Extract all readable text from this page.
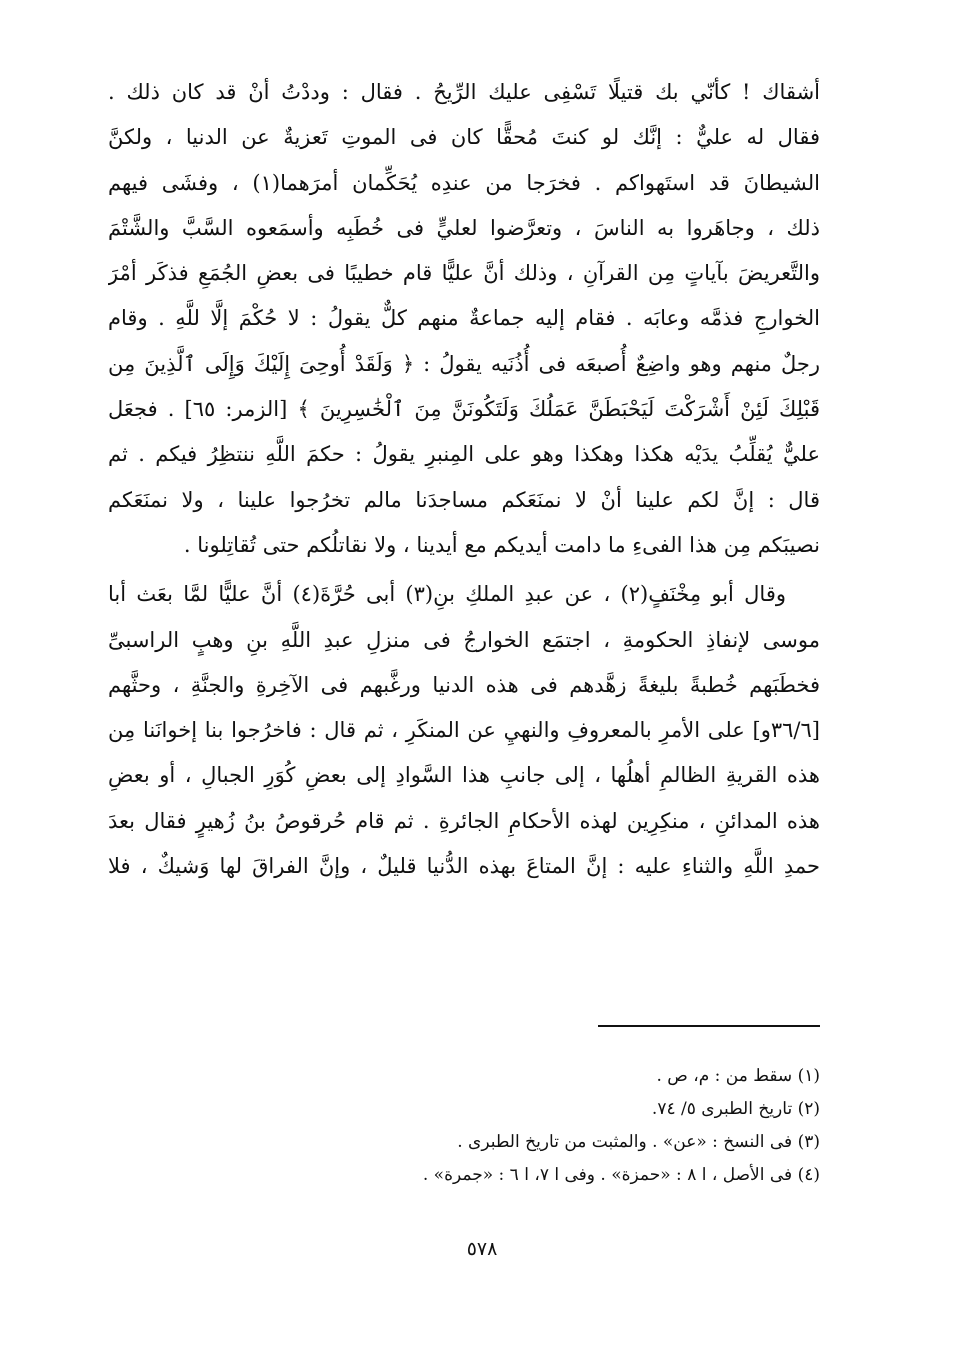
أشقاك ! كأنّي بك قتيلًا تَسْفِى عليك الرِّيحُ . فقال : وددْتُ أنْ قد كان ذلك .
فقال له عليٌّ : إنَّك لو كنتَ مُحقًّا كان فى الموتِ تَعزيةٌ عن الدنيا ، ولكنَّ
الشيطانَ قد استَهواكم . فخرَجا من عندِه يُحَكِّمان أمرَهما(١) ، وفشَى فيهم
ذلك ، وجاهَروا به الناسَ ، وتعرَّضوا لعليٍّ فى خُطَبِه وأسمَعوه السَّبَّ والشَّتْمَ
والتَّعريضَ بآياتٍ مِن القرآنِ ، وذلك أنَّ عليًّا قام خطيبًا فى بعضِ الجُمَعِ فذكَر أمْرَ
الخوارجِ فذمَّه وعابَه . فقام إليه جماعةٌ منهم كلٌّ يقولُ : لا حُكْمَ إلَّا للَّهِ . وقام
رجلٌ منهم وهو واضِعٌ أُصبعَه فى أُذُنَيه يقولُ : ﴿ وَلَقَدْ أُوحِىَ إِلَيْكَ وَإِلَى ٱلَّذِينَ مِن
قَبْلِكَ لَئِنْ أَشْرَكْتَ لَيَحْبَطَنَّ عَمَلُكَ وَلَتَكُونَنَّ مِنَ ٱلْخَٰسِرِينَ ﴾ [الزمر: ٦٥] . فجعَل
عليٌّ يُقلِّبُ يدَيْه هكذا وهكذا وهو على المِنبرِ يقولُ : حكمَ اللَّهِ ننتظِرُ فيكم . ثم
قال : إنَّ لكم علينا أنْ لا نمنَعَكم مساجدَنا مالم تخرُجوا علينا ، ولا نمنَعَكم
نصيبَكم مِن هذا الفىءِ ما دامت أيديكم مع أيدينا ، ولا نقاتلُكم حتى تُقاتِلونا .
وقال أبو مِخْنَفٍ(٢) ، عن عبدِ الملكِ بنِ(٣) أبى حُرَّةَ(٤) أنَّ عليًّا لمَّا بعَث أبا
موسى لإنفاذِ الحكومةِ ، اجتمَع الخوارجُ فى منزلِ عبدِ اللَّهِ بنِ وهبٍ الراسبىِّ
فخطَبَهم خُطبةً بليغةً زهَّدهم فى هذه الدنيا ورغَّبهم فى الآخِرةِ والجنَّةِ ، وحثَّهم
[٣٦/٦و] على الأمرِ بالمعروفِ والنهيِ عن المنكَرِ ، ثم قال : فاخرُجوا بنا إخوانَنا مِن
هذه القريةِ الظالمِ أهلُها ، إلى جانبِ هذا السَّوادِ إلى بعضِ كُوَرِ الجبالِ ، أو بعضِ
هذه المدائنِ ، منكِرِين لهذه الأحكامِ الجائرةِ . ثم قام حُرقوصُ بنُ زُهيرٍ فقال بعدَ
حمدِ اللَّهِ والثناءِ عليه : إنَّ المتاعَ بهذه الدُّنيا قليلٌ ، وإنَّ الفراقَ لها وَشيكٌ ، فلا
(١) سقط من : م، ص .
(٢) تاريخ الطبرى ٥/ ٧٤.
(٣) فى النسخ : «عن» . والمثبت من تاريخ الطبرى .
(٤) فى الأصل ، ا ٨ : «حمزة» . وفى ا ٧، ا ٦ : «جمرة» .
٥٧٨
